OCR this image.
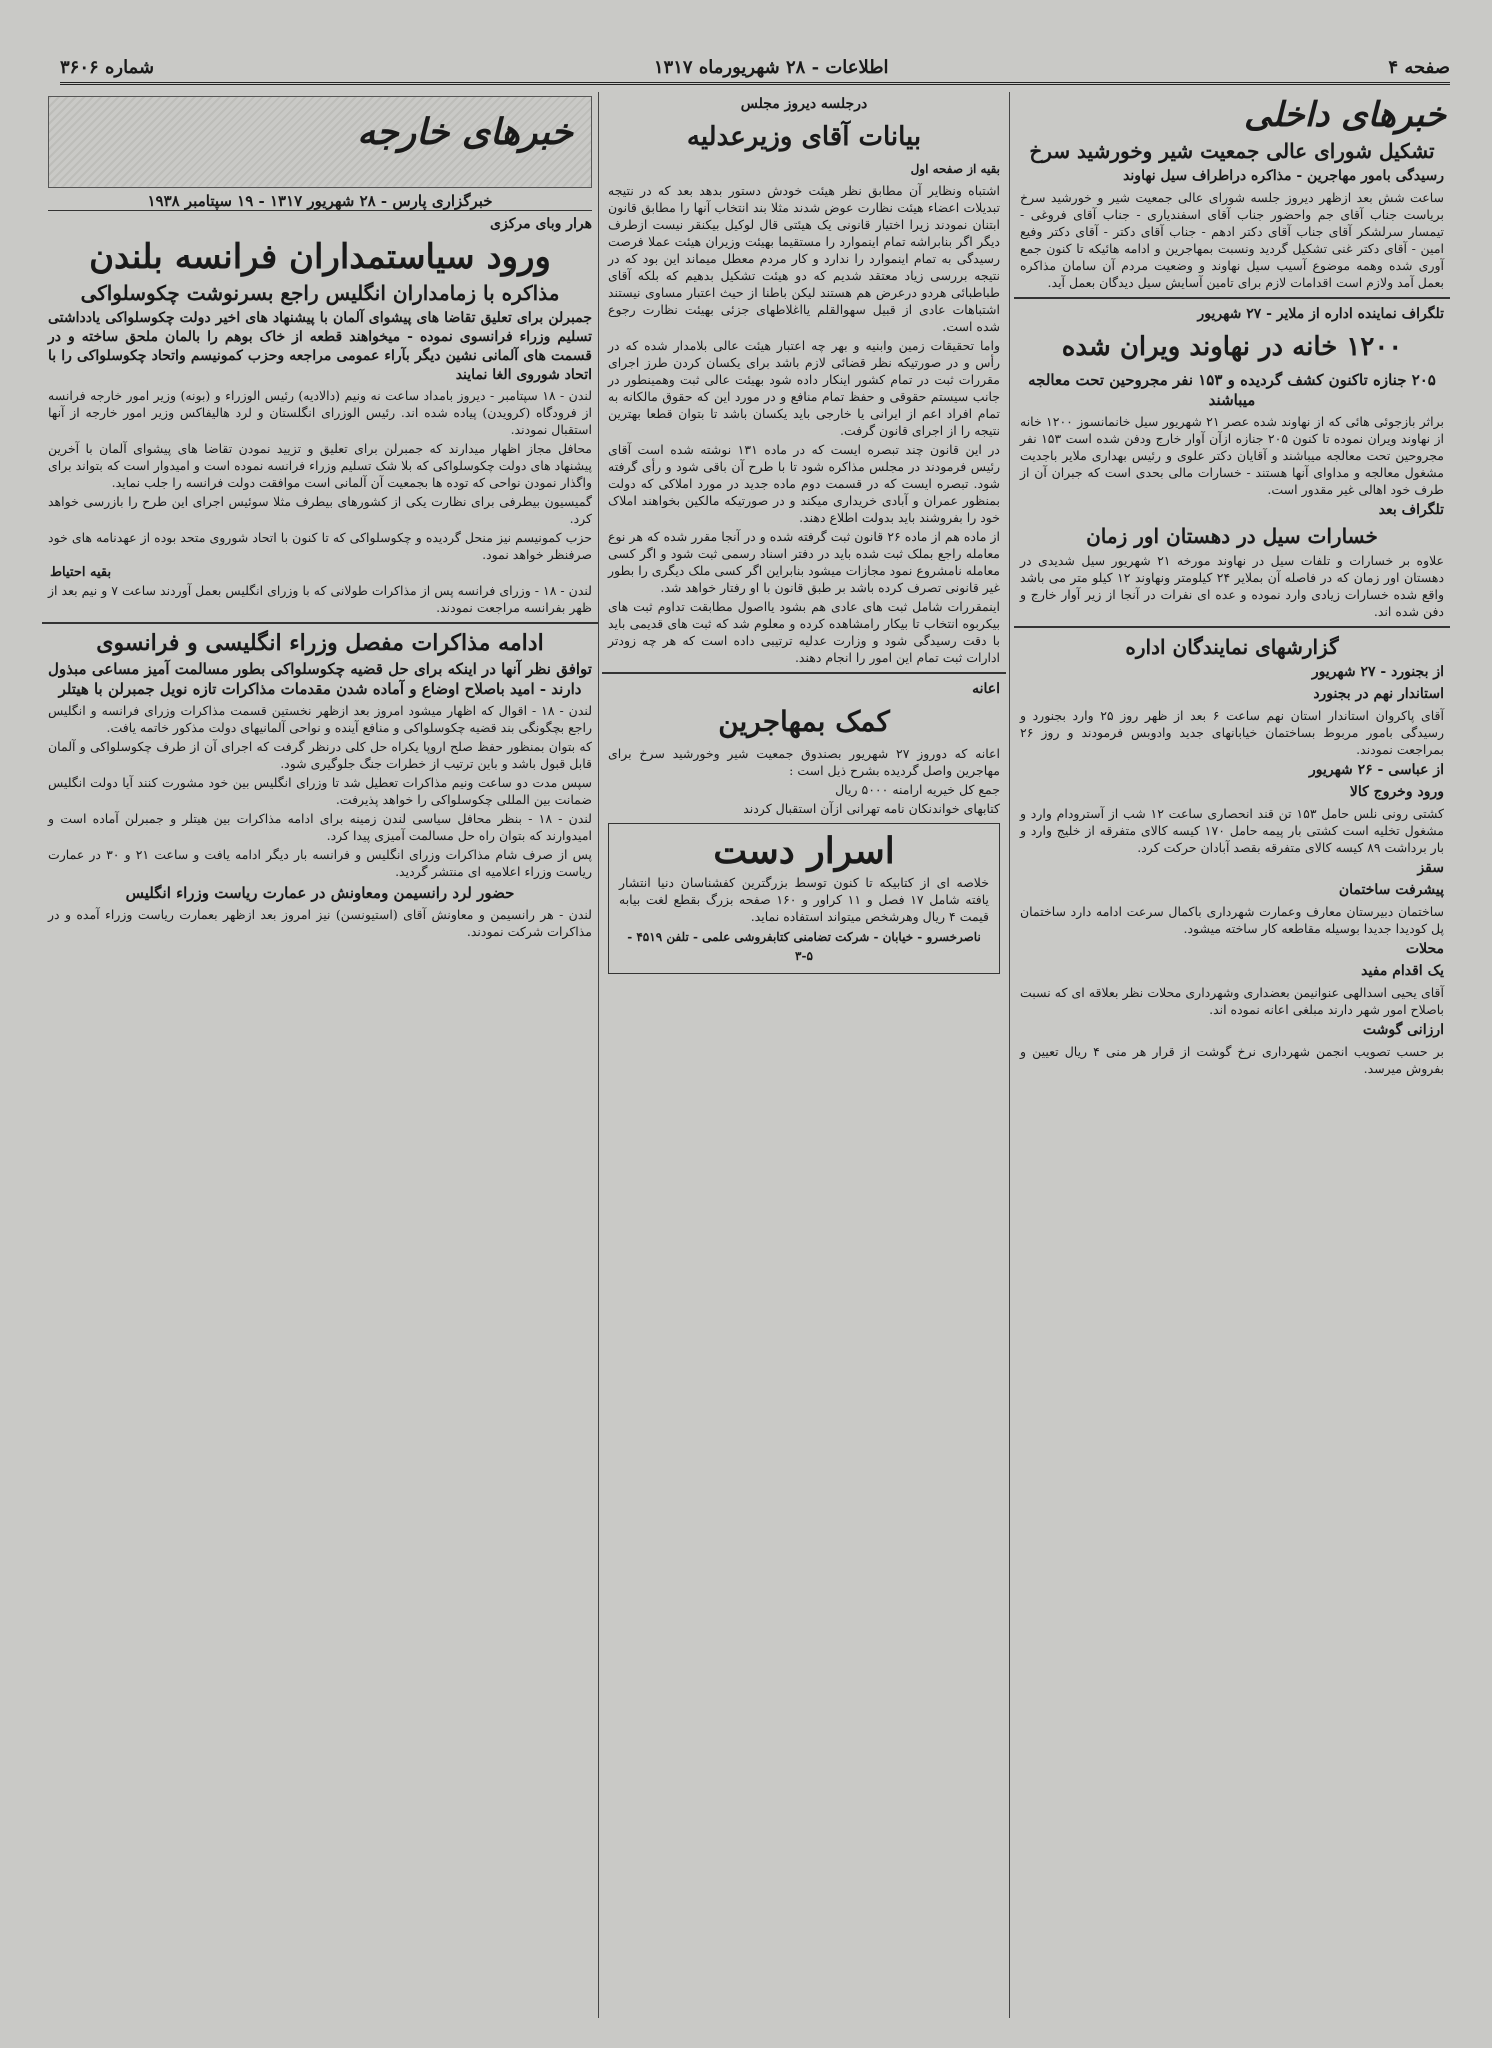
صفحه ۴
اطلاعات - ۲۸ شهریورماه ۱۳۱۷
شماره ۳۶۰۶
خبرهای داخلی
تشکیل شورای عالی جمعیت شیر وخورشید سرخ
رسیدگی بامور مهاجرین - مذاکره دراطراف سیل نهاوند
ساعت شش بعد ازظهر دیروز جلسه شورای عالی جمعیت شیر و خورشید سرخ بریاست جناب آقای جم واحضور جناب آقای اسفندیاری - جناب آقای فروغی - تیمسار سرلشکر آقای جناب آقای دکتر ادهم - جناب آقای دکتر - آقای دکتر وفیع امین - آقای دکتر غنی تشکیل گردید ونسبت بمهاجرین و ادامه هائیکه تا کنون جمع آوری شده وهمه موضوع آسیب سیل نهاوند و وضعیت مردم آن سامان مذاکره بعمل آمد ولازم است اقدامات لازم برای تامین آسایش سیل دیدگان بعمل آید.
تلگراف نماینده اداره از ملایر - ۲۷ شهریور
۱۲۰۰ خانه در نهاوند ویران شده
۲۰۵ جنازه تاکنون کشف گردیده و ۱۵۳ نفر مجروحین تحت معالجه میباشند
براثر بازجوئی هائی که از نهاوند شده عصر ۲۱ شهریور سیل خانمانسوز ۱۲۰۰ خانه از نهاوند ویران نموده تا کنون ۲۰۵ جنازه ازآن آوار خارج ودفن شده است ۱۵۳ نفر مجروحین تحت معالجه میباشند و آقایان دکتر علوی و رئیس بهداری ملایر باجدیت مشغول معالجه و مداوای آنها هستند - خسارات مالی بحدی است که جبران آن از طرف خود اهالی غیر مقدور است.
تلگراف بعد
خسارات سیل در دهستان اور زمان
علاوه بر خسارات و تلفات سیل در نهاوند مورخه ۲۱ شهریور سیل شدیدی در دهستان اور زمان که در فاصله آن بملایر ۲۴ کیلومتر ونهاوند ۱۲ کیلو متر می باشد واقع شده خسارات زیادی وارد نموده و عده ای نفرات در آنجا از زیر آوار خارج و دفن شده اند.
گزارشهای نمایندگان اداره
از بجنورد - ۲۷ شهریور
استاندار نهم در بجنورد
آقای پاکروان استاندار استان نهم ساعت ۶ بعد از ظهر روز ۲۵ وارد بجنورد و رسیدگی بامور مربوط بساختمان خیابانهای جدید وادوبس فرمودند و روز ۲۶ بمراجعت نمودند.
از عباسی - ۲۶ شهریور
ورود وخروج کالا
کشتی رونی نلس حامل ۱۵۳ تن قند انحصاری ساعت ۱۲ شب از آسترودام وارد و مشغول تخلیه است کشتی بار پیمه حامل ۱۷۰ کیسه کالای متفرقه از خلیج وارد و بار برداشت ۸۹ کیسه کالای متفرقه بقصد آبادان حرکت کرد.
سقز
پیشرفت ساختمان
ساختمان دبیرستان معارف وعمارت شهرداری باکمال سرعت ادامه دارد ساختمان پل کودیدا جدیدا بوسیله مقاطعه کار ساخته میشود.
محلات
یک اقدام مفید
آقای یحیی اسدالهی عنوانیمن بعضداری وشهرداری محلات نظر بعلاقه ای که نسبت باصلاح امور شهر دارند مبلغی اعانه نموده اند.
ارزانی گوشت
بر حسب تصویب انجمن شهرداری نرخ گوشت از قرار هر منی ۴ ریال تعیین و بفروش میرسد.
درجلسه دیروز مجلس
بیانات آقای وزیرعدلیه
بقیه از صفحه اول
اشتباه ونظایر آن مطابق نظر هیئت خودش دستور بدهد بعد که در نتیجه تبدیلات اعضاء هیئت نظارت عوض شدند مثلا بند انتخاب آنها را مطابق قانون ابتنان نمودند زیرا اختیار قانونی یک هیئتی قال لوکیل بیکنقر نیست ازطرف دیگر اگر بنابراشه تمام اینموارد را مستقیما بهیئت وزیران هیئت عملا فرصت رسیدگی به تمام اینموارد را ندارد و کار مردم معطل میماند این بود که در نتیجه بررسی زیاد معتقد شدیم که دو هیئت تشکیل بدهیم که بلکه آقای طباطبائی هردو درعرض هم هستند لیکن باطنا از حیث اعتبار مساوی نیستند اشتباهات عادی از قبیل سهوالقلم یااغلاطهای جزئی بهیئت نظارت رجوع شده است.
واما تحقیقات زمین وابنیه و بهر چه اعتبار هیئت عالی بلامدار شده که در رأس و در صورتیکه نظر قضائی لازم باشد برای یکسان کردن طرز اجرای مقررات ثبت در تمام کشور اینکار داده شود بهیئت عالی ثبت وهمینطور در جانب سیستم حقوقی و حفظ تمام منافع و در مورد این که حقوق مالکانه به تمام افراد اعم از ایرانی یا خارجی باید یکسان باشد تا بتوان قطعا بهترین نتیجه را از اجرای قانون گرفت.
در این قانون چند تبصره ایست که در ماده ۱۳۱ نوشته شده است آقای رئیس فرمودند در مجلس مذاکره شود تا با طرح آن باقی شود و رأی گرفته شود. تبصره ایست که در قسمت دوم ماده جدید در مورد املاکی که دولت بمنظور عمران و آبادی خریداری میکند و در صورتیکه مالکین بخواهند املاک خود را بفروشند باید بدولت اطلاع دهند.
از ماده هم از ماده ۲۶ قانون ثبت گرفته شده و در آنجا مقرر شده که هر نوع معامله راجع بملک ثبت شده باید در دفتر اسناد رسمی ثبت شود و اگر کسی معامله نامشروع نمود مجازات میشود بنابراین اگر کسی ملک دیگری را بطور غیر قانونی تصرف کرده باشد بر طبق قانون با او رفتار خواهد شد.
اینمقررات شامل ثبت های عادی هم بشود یااصول مطابقت تداوم ثبت های بیکربوه انتخاب تا بیکار رامشاهده کرده و معلوم شد که ثبت های قدیمی باید با دقت رسیدگی شود و وزارت عدلیه ترتیبی داده است که هر چه زودتر ادارات ثبت تمام این امور را انجام دهند.
اعانه
کمک بمهاجرین
اعانه که دوروز ۲۷ شهریور بصندوق جمعیت شیر وخورشید سرخ برای مهاجرین واصل گردیده بشرح ذیل است :
جمع کل خیریه ارامنه ۵۰۰۰ ریال
کتابهای خواندنکان نامه تهرانی ازآن استقبال کردند
اسرار دست
خلاصه ای از کتابیکه تا کنون توسط بزرگترین کفشناسان دنیا انتشار یافته شامل ۱۷ فصل و ۱۱ کراور و ۱۶۰ صفحه بزرگ بقطع لغت بیابه قیمت ۴ ریال وهرشخص میتواند استفاده نماید.
ناصرخسرو - خیابان - شرکت تضامنی کتابفروشی علمی - تلفن ۴۵۱۹ - ۵-۳
خبرهای خارجه
خبرگزاری پارس - ۲۸ شهریور ۱۳۱۷ - ۱۹ سپتامبر ۱۹۳۸
ه‍رار وبای مرکزی
ورود سیاستمداران فرانسه بلندن
مذاکره با زمامداران انگلیس راجع بسرنوشت چکوسلواکی
جمبرلن برای تعلیق تقاضا های پیشوای آلمان با پیشنهاد های اخیر دولت چکوسلواکی یادداشتی تسلیم وزراء فرانسوی نموده - میخواهند قطعه از خاک بوهم را بالمان ملحق ساخته و در قسمت های آلمانی نشین دیگر بآراء عمومی مراجعه وحزب کمونیسم واتحاد چکوسلواکی را با اتحاد شوروی الغا نمایند
لندن - ۱۸ سپتامبر - دیروز بامداد ساعت نه ونیم (دالادیه) رئیس الوزراء و (بونه) وزیر امور خارجه فرانسه از فرودگاه (کرویدن) پیاده شده اند. رئیس الوزرای انگلستان و لرد هالیفاکس وزیر امور خارجه از آنها استقبال نمودند.
محافل مجاز اظهار میدارند که جمبرلن برای تعلیق و تزیید نمودن تقاضا های پیشوای آلمان با آخرین پیشنهاد های دولت چکوسلواکی که بلا شک تسلیم وزراء فرانسه نموده است و امیدوار است که بتواند برای واگذار نمودن نواحی که توده ها بجمعیت آن آلمانی است موافقت دولت فرانسه را جلب نماید.
گمیسیون بیطرفی برای نظارت یکی از کشورهای بیطرف مثلا سوئیس اجرای این طرح را بازرسی خواهد کرد.
حزب کمونیسم نیز منحل گردیده و چکوسلواکی که تا کنون با اتحاد شوروی متحد بوده از عهدنامه های خود صرفنظر خواهد نمود.
بقیه احتیاط
لندن - ۱۸ - وزرای فرانسه پس از مذاکرات طولانی که با وزرای انگلیس بعمل آوردند ساعت ۷ و نیم بعد از ظهر بفرانسه مراجعت نمودند.
ادامه مذاکرات مفصل وزراء انگلیسی و فرانسوی
توافق نظر آنها در اینکه برای حل قضیه چکوسلواکی بطور مسالمت آمیز مساعی مبذول دارند - امید باصلاح اوضاع و آماده شدن مقدمات مذاکرات تازه نویل جمبرلن با هیتلر
لندن - ۱۸ - اقوال که اظهار میشود امروز بعد ازظهر نخستین قسمت مذاکرات وزرای فرانسه و انگلیس راجع بچگونگی بند قضیه چکوسلواکی و منافع آینده و نواحی آلمانیهای دولت مذکور خاتمه یافت.
که بتوان بمنظور حفظ صلح اروپا یکراه حل کلی درنظر گرفت که اجرای آن از طرف چکوسلواکی و آلمان قابل قبول باشد و باین ترتیب از خطرات جنگ جلوگیری شود.
سپس مدت دو ساعت ونیم مذاکرات تعطیل شد تا وزرای انگلیس بین خود مشورت کنند آیا دولت انگلیس ضمانت بین المللی چکوسلواکی را خواهد پذیرفت.
لندن - ۱۸ - بنظر محافل سیاسی لندن زمینه برای ادامه مذاکرات بین هیتلر و جمبرلن آماده است و امیدوارند که بتوان راه حل مسالمت آمیزی پیدا کرد.
پس از صرف شام مذاکرات وزرای انگلیس و فرانسه بار دیگر ادامه یافت و ساعت ۲۱ و ۳۰ در عمارت ریاست وزراء اعلامیه ای منتشر گردید.
حضور لرد رانسیمن ومعاونش در عمارت ریاست وزراء انگلیس
لندن - هر رانسیمن و معاونش آقای (استیونسن) نیز امروز بعد ازظهر بعمارت ریاست وزراء آمده و در مذاکرات شرکت نمودند.
